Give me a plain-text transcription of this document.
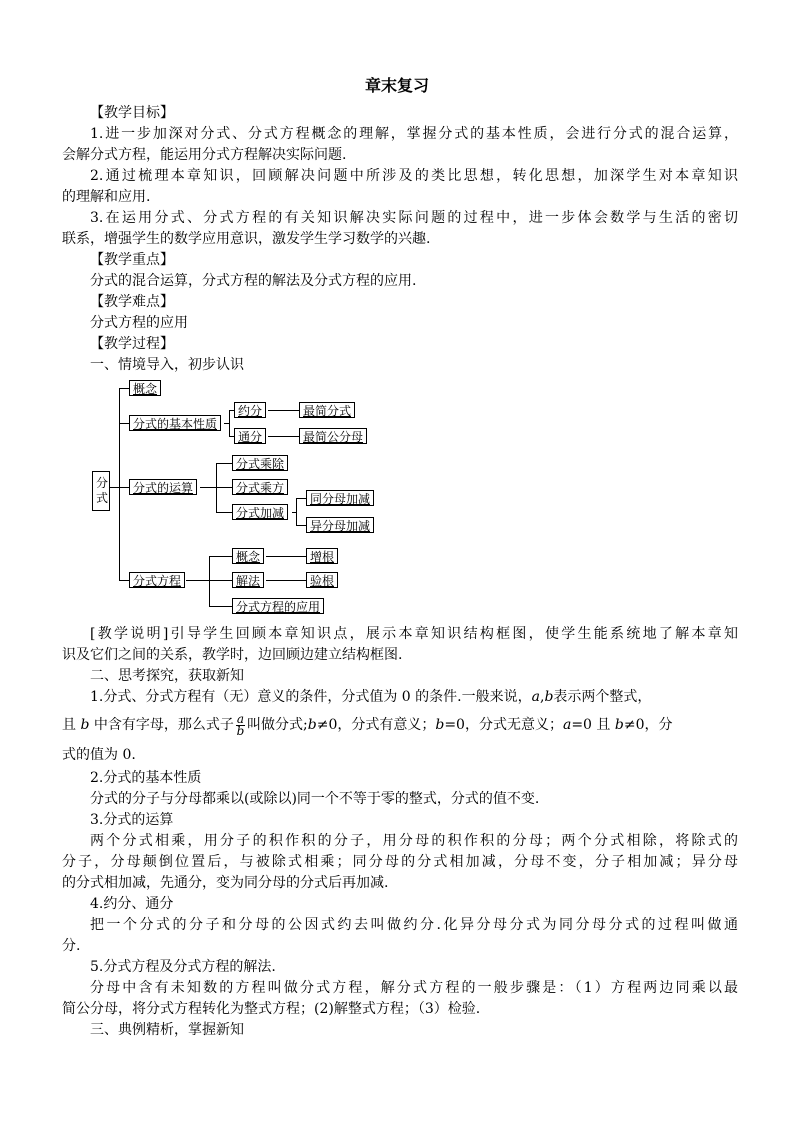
章末复习
【教学目标】
1.进一步加深对分式、分式方程概念的理解，掌握分式的基本性质，会进行分式的混合运算，
会解分式方程，能运用分式方程解决实际问题.
2.通过梳理本章知识，回顾解决问题中所涉及的类比思想，转化思想，加深学生对本章知识
的理解和应用.
3.在运用分式、分式方程的有关知识解决实际问题的过程中，进一步体会数学与生活的密切
联系，增强学生的数学应用意识，激发学生学习数学的兴趣.
【教学重点】
分式的混合运算，分式方程的解法及分式方程的应用.
【教学难点】
分式方程的应用
【教学过程】
一、情境导入，初步认识
分式
概念
分式的基本性质
约分	最简分式
通分	最简公分母
分式的运算
分式乘除
分式乘方
分式加减
同分母加减
异分母加减
分式方程
概念	增根
解法	验根
分式方程的应用
[教学说明]引导学生回顾本章知识点，展示本章知识结构框图，使学生能系统地了解本章知
识及它们之间的关系，教学时，边回顾边建立结构框图.
二、思考探究，获取新知
1.分式、分式方程有（无）意义的条件，分式值为 0 的条件.一般来说，a,b表示两个整式，
且 b 中含有字母，那么式子 $\frac{a}{b}$ 叫做分式;b≠0，分式有意义；b=0，分式无意义；a=0 且 b≠0，分
式的值为 0.
2.分式的基本性质
分式的分子与分母都乘以(或除以)同一个不等于零的整式，分式的值不变.
3.分式的运算
两个分式相乘，用分子的积作积的分子，用分母的积作积的分母；两个分式相除，将除式的
分子，分母颠倒位置后，与被除式相乘；同分母的分式相加减，分母不变，分子相加减；异分母
的分式相加减，先通分，变为同分母的分式后再加减.
4.约分、通分
把一个分式的分子和分母的公因式约去叫做约分.化异分母分式为同分母分式的过程叫做通
分.
5.分式方程及分式方程的解法.
分母中含有未知数的方程叫做分式方程，解分式方程的一般步骤是：（1）方程两边同乘以最
简公分母，将分式方程转化为整式方程；(2)解整式方程；（3）检验.
三、典例精析，掌握新知
